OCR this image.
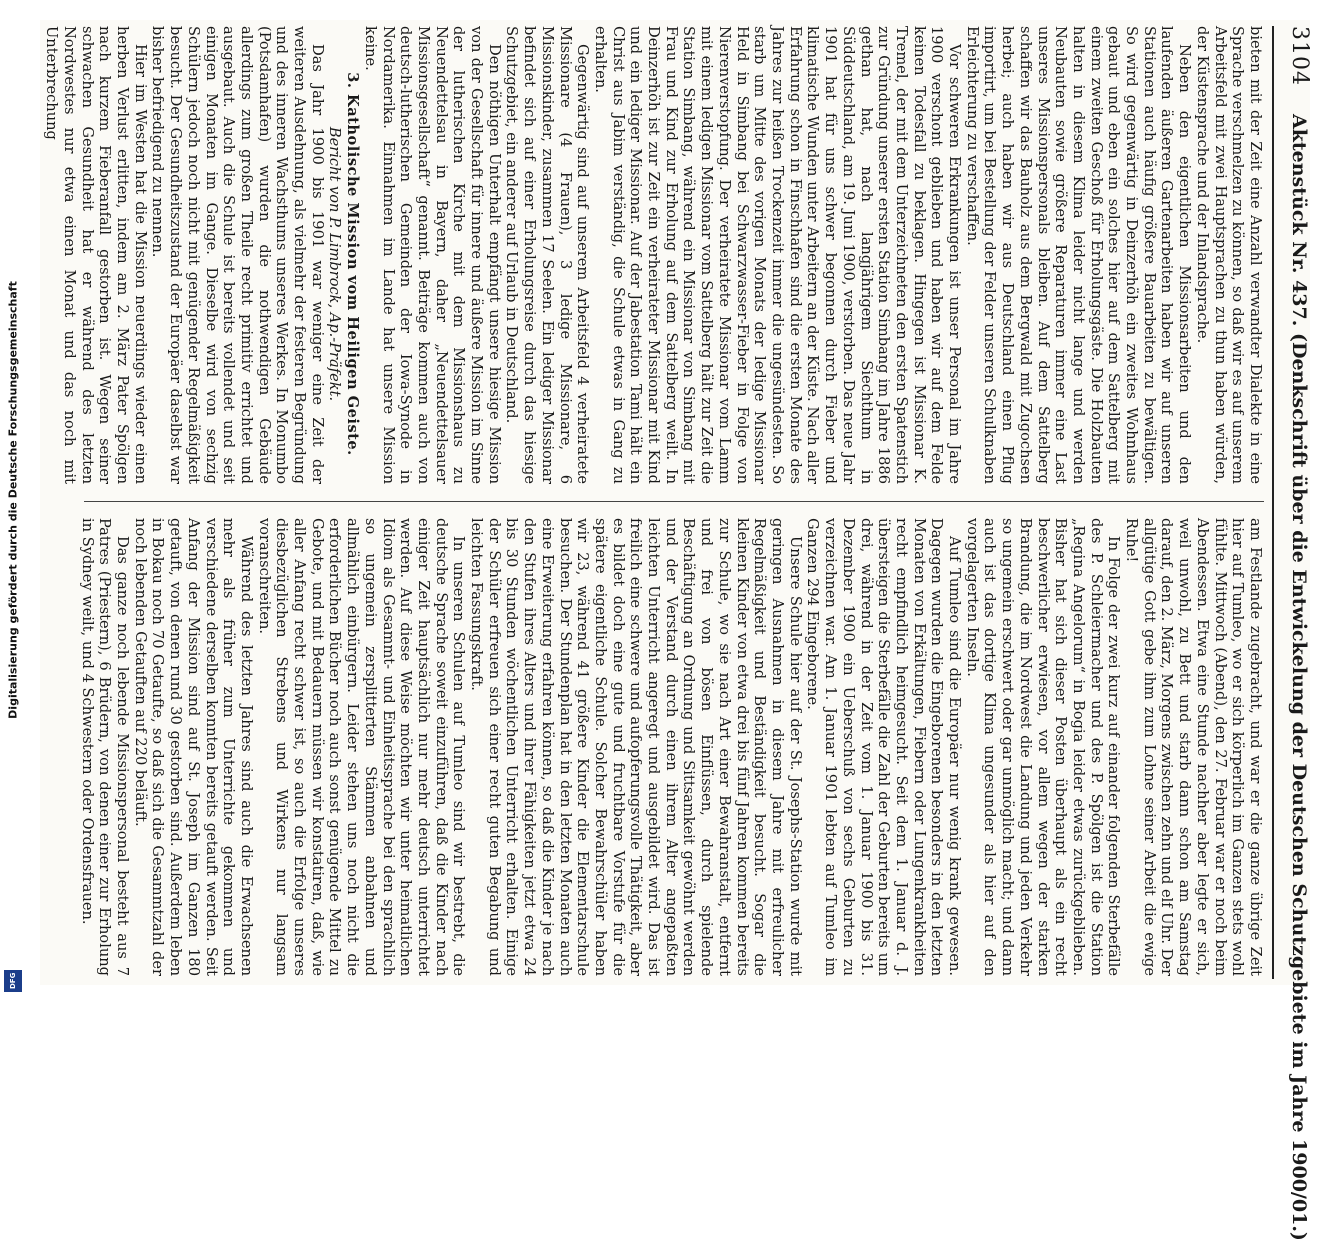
Digitalisierung gefördert durch die Deutsche Forschungsgemeinschaft
DFG
3104
Aktenstück Nr. 437. (Denkschrift über die Entwickelung der Deutschen Schutzgebiete im Jahre 1900/01.)

bieten mit der Zeit eine Anzahl verwandter Dialekte in eine Sprache verschmelzen zu können, so daß wir es auf unserem Arbeitsfeld mit zwei Hauptsprachen zu thun haben würden, der Küstensprache und der Inlandsprache.

Neben den eigentlichen Missionsarbeiten und den laufenden äußeren Gartenarbeiten haben wir auf unseren Stationen auch häufig größere Bauarbeiten zu bewältigen. So wird gegenwärtig in Deinzerhöh ein zweites Wohnhaus gebaut und eben ein solches hier auf dem Sattelberg mit einem zweiten Geschoß für Erholungsgäste. Die Holzbauten halten in diesem Klima leider nicht lange und werden Neubauten sowie größere Reparaturen immer eine Last unseres Missionspersonals bleiben. Auf dem Sattelberg schaffen wir das Bauholz aus dem Bergwald mit Zugochsen herbei; auch haben wir aus Deutschland einen Pflug importirt, um bei Bestellung der Felder unseren Schulknaben Erleichterung zu verschaffen.

Vor schweren Erkrankungen ist unser Personal im Jahre 1900 verschont geblieben und haben wir auf dem Felde keinen Todesfall zu beklagen. Hingegen ist Missionar K. Tremel, der mit dem Unterzeichneten den ersten Spatenstich zur Gründung unserer ersten Station Simbang im Jahre 1886 gethan hat, nach langjährigem Siechthum in Süddeutschland, am 19. Juni 1900, verstorben. Das neue Jahr 1901 hat für uns schwer begonnen durch Fieber und klimatische Wunden unter Arbeitern an der Küste. Nach aller Erfahrung schon in Finschhafen sind die ersten Monate des Jahres zur heißen Trockenzeit immer die ungesündesten. So starb um Mitte des vorigen Monats der ledige Missionar Held in Simbang bei Schwarzwasser-Fieber in Folge von Nierenverstopfung. Der verheiratete Missionar vom Lamm mit einem ledigen Missionar vom Sattelberg hält zur Zeit die Station Simbang, während ein Missionar von Simbang mit Frau und Kind zur Erholung auf dem Sattelberg weilt. In Deinzerhöh ist zur Zeit ein verheirateter Missionar mit Kind und ein lediger Missionar. Auf der Jabestation Tami hält ein Christ aus Jabim verständig, die Schule etwas in Gang zu erhalten.

Gegenwärtig sind auf unserem Arbeitsfeld 4 verheiratete Missionare (4 Frauen), 3 ledige Missionare, 6 Missionskinder, zusammen 17 Seelen. Ein lediger Missionar befindet sich auf einer Erholungsreise durch das hiesige Schutzgebiet, ein anderer auf Urlaub in Deutschland.

Den nöthigen Unterhalt empfängt unsere hiesige Mission von der Gesellschaft für innere und äußere Mission im Sinne der lutherischen Kirche mit dem Missionshaus zu Neuendettelsau in Bayern, daher „Neuendettelsauer Missionsgesellschaft“ genannt. Beiträge kommen auch von deutsch-lutherischen Gemeinden der Iowa-Synode in Nordamerika. Einnahmen im Lande hat unsere Mission keine.

3. Katholische Mission vom Heiligen Geiste.

Bericht von P. Limbrock, Ap.-Präfekt.

Das Jahr 1900 bis 1901 war weniger eine Zeit der weiteren Ausdehnung, als vielmehr der festeren Begründung und des inneren Wachsthums unseres Werkes. In Monumbo (Potsdamhafen) wurden die nothwendigen Gebäude allerdings zum großen Theile recht primitiv errichtet und ausgebaut. Auch die Schule ist bereits vollendet und seit einigen Monaten im Gange. Dieselbe wird von sechzig Schülern jedoch noch nicht mit genügender Regelmäßigkeit besucht. Der Gesundheitszustand der Europäer daselbst war bisher befriedigend zu nennen.

Hier im Westen hat die Mission neuerdings wieder einen herben Verlust erlitten, indem am 2. März Pater Spölgen nach kurzem Fieberanfall gestorben ist. Wegen seiner schwachen Gesundheit hat er während des letzten Nordwestes nur etwa einen Monat und das noch mit Unterbrechung

am Festlande zugebracht, und war er die ganze übrige Zeit hier auf Tumleo, wo er sich körperlich im Ganzen stets wohl fühlte. Mittwoch (Abend), den 27. Februar war er noch beim Abendessen. Etwa eine Stunde nachher aber legte er sich, weil unwohl, zu Bett und starb dann schon am Samstag darauf, den 2. März, Morgens zwischen zehn und elf Uhr. Der allgütige Gott gebe ihm zum Lohne seiner Arbeit die ewige Ruhe!

In Folge der zwei kurz auf einander folgenden Sterbefälle des P. Schleiermacher und des P. Spölgen ist die Station „Regina Angelorum“ in Bogia leider etwas zurückgeblieben. Bisher hat sich dieser Posten überhaupt als ein recht beschwerlicher erwiesen, vor allem wegen der starken Brandung, die im Nordwest die Landung und jeden Verkehr so ungemein erschwert oder gar unmöglich macht; und dann auch ist das dortige Klima ungesunder als hier auf den vorgelagerten Inseln.

Auf Tumleo sind die Europäer nur wenig krank gewesen. Dagegen wurden die Eingeborenen besonders in den letzten Monaten von Erkältungen, Fiebern oder Lungenkrankheiten recht empfindlich heimgesucht. Seit dem 1. Januar d. J. übersteigen die Sterbefälle die Zahl der Geburten bereits um drei, während in der Zeit vom 1. Januar 1900 bis 31. Dezember 1900 ein Ueberschuß von sechs Geburten zu verzeichnen war. Am 1. Januar 1901 lebten auf Tumleo im Ganzen 294 Eingeborene.

Unsere Schule hier auf der St. Josephs-Station wurde mit geringen Ausnahmen in diesem Jahre mit erfreulicher Regelmäßigkeit und Beständigkeit besucht. Sogar die kleinen Kinder von etwa drei bis fünf Jahren kommen bereits zur Schule, wo sie nach Art einer Bewahranstalt, entfernt und frei von bösen Einflüssen, durch spielende Beschäftigung an Ordnung und Sittsamkeit gewöhnt werden und der Verstand durch einen ihrem Alter angepaßten leichten Unterricht angeregt und ausgebildet wird. Das ist freilich eine schwere und aufopferungsvolle Thätigkeit, aber es bildet doch eine gute und fruchtbare Vorstufe für die spätere eigentliche Schule. Solcher Bewahrschüler haben wir 23, während 41 größere Kinder die Elementarschule besuchen. Der Stundenplan hat in den letzten Monaten auch eine Erweiterung erfahren können, so daß die Kinder je nach den Stufen ihres Alters und ihrer Fähigkeiten jetzt etwa 24 bis 30 Stunden wöchentlichen Unterricht erhalten. Einige der Schüler erfreuen sich einer recht guten Begabung und leichten Fassungskraft.

In unseren Schulen auf Tumleo sind wir bestrebt, die deutsche Sprache soweit einzuführen, daß die Kinder nach einiger Zeit hauptsächlich nur mehr deutsch unterrichtet werden. Auf diese Weise möchten wir unter heimatlichen Idiom als Gesammt- und Einheitssprache bei den sprachlich so ungemein zersplitterten Stämmen anbahnen und allmählich einbürgern. Leider stehen uns noch nicht die erforderlichen Bücher noch auch sonst genügende Mittel zu Gebote, und mit Bedauern müssen wir konstatiren, daß, wie aller Anfang recht schwer ist, so auch die Erfolge unseres diesbezüglichen Strebens und Wirkens nur langsam voranschreiten.

Während des letzten Jahres sind auch die Erwachsenen mehr als früher zum Unterrichte gekommen und verschiedene derselben konnten bereits getauft werden. Seit Anfang der Mission sind auf St. Joseph im Ganzen 180 getauft, von denen rund 30 gestorben sind. Außerdem leben in Bokau noch 70 Getaufte, so daß sich die Gesammtzahl der noch lebenden Getauften auf 220 beläuft.

Das ganze noch lebende Missionspersonal besteht aus 7 Patres (Priestern), 6 Brüdern, von denen einer zur Erholung in Sydney weilt, und 4 Schwestern oder Ordensfrauen.
